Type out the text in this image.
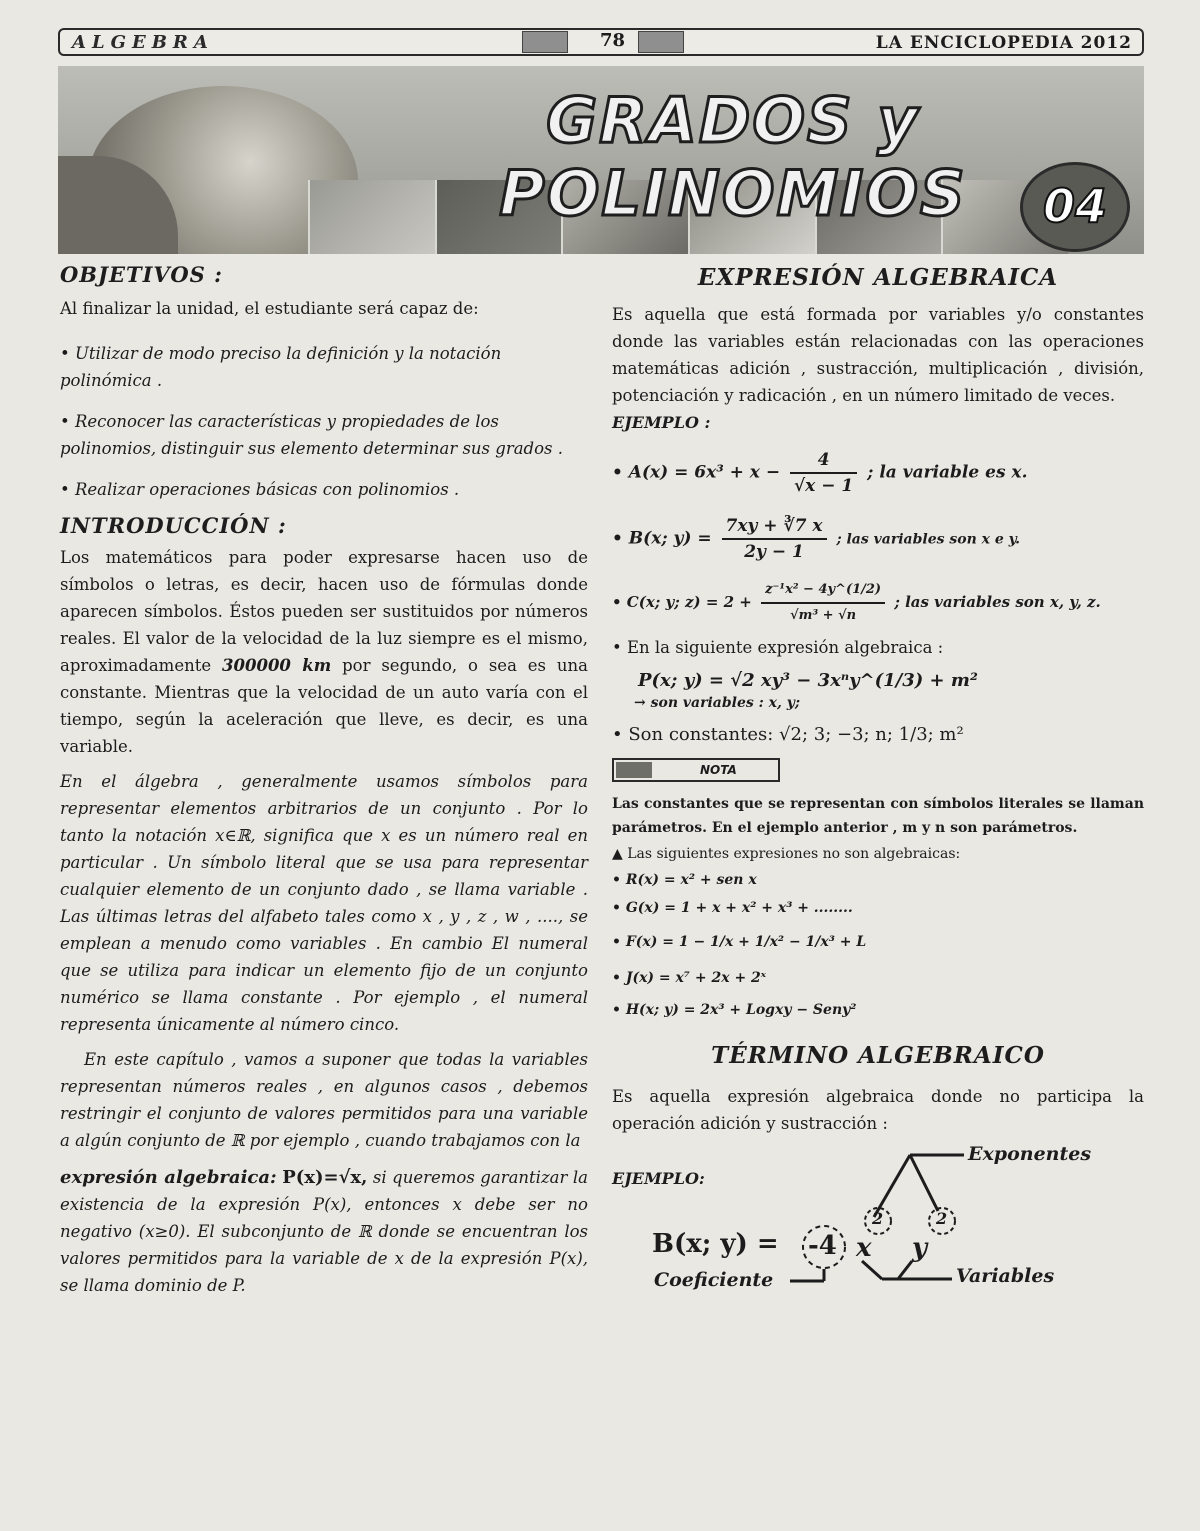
ALGEBRA	78	LA ENCICLOPEDIA 2012
GRADOS y POLINOMIOS	04
OBJETIVOS :

Al finalizar la unidad, el estudiante será capaz de:

• Utilizar de modo preciso la definición y la notación polinómica .

• Reconocer las características y propiedades de los polinomios, distinguir sus elemento determinar sus grados .

• Realizar operaciones básicas con polinomios .

INTRODUCCIÓN :

Los matemáticos para poder expresarse hacen uso de símbolos o letras, es decir, hacen uso de fórmulas donde aparecen símbolos. Éstos pueden ser sustituidos por números reales. El valor de la velocidad de la luz siempre es el mismo, aproximadamente 300000 km por segundo, o sea es una constante. Mientras que la velocidad de un auto varía con el tiempo, según la aceleración que lleve, es decir, es una variable.

En el álgebra , generalmente usamos símbolos para representar elementos arbitrarios de un conjunto . Por lo tanto la notación x∈ℝ, significa que x es un número real en particular . Un símbolo literal que se usa para representar cualquier elemento de un conjunto dado , se llama variable . Las últimas letras del alfabeto tales como x , y , z , w , ...., se emplean a menudo como variables . En cambio El numeral que se utiliza para indicar un elemento fijo de un conjunto numérico se llama constante . Por ejemplo , el numeral representa únicamente al número cinco.

En este capítulo , vamos a suponer que todas la variables representan números reales , en algunos casos , debemos restringir el conjunto de valores permitidos para una variable a algún conjunto de ℝ por ejemplo , cuando trabajamos con la

expresión algebraica: P(x)=√x, si queremos garantizar la existencia de la expresión P(x), entonces x debe ser no negativo (x≥0). El subconjunto de ℝ donde se encuentran los valores permitidos para la variable de x de la expresión P(x), se llama dominio de P.

EXPRESIÓN ALGEBRAICA

Es aquella que está formada por variables y/o constantes donde las variables están relacionadas con las operaciones matemáticas adición , sustracción, multiplicación , división, potenciación y radicación , en un número limitado de veces.

EJEMPLO :

• $A(x) = 6x^3 + x - \frac{4}{√x - 1}$ ; la variable es x.
• B(x; $y) = \frac{7xy + ∛7 x}{2y - 1}$ ; las variables son x e y.
• C(x; y; $z) = 2 + \frac{\text{z⁻¹x² − 4y\textasciicircum{}(1/2)}}{\text{√m³ + √n}}$ ; las variables son x, y, z.

• En la siguiente expresión algebraica :

P(x; y) = √2 xy³ − 3xⁿy^(1/3) + m²

→ son variables : x, y;

• Son constantes: √2; 3; −3; n; 1/3; m²

NOTA

Las constantes que se representan con símbolos literales se llaman parámetros. En el ejemplo anterior , m y n son parámetros.

▲ Las siguientes expresiones no son algebraicas:

• R(x) = x² + sen x

• G(x) = 1 + x + x² + x³ + ........

• F(x) = 1 − 1/x + 1/x² − 1/x³ + L

• J(x) = x⁷ + 2x + 2ˣ

• H(x; y) = 2x³ + Logxy − Seny²

TÉRMINO ALGEBRAICO

Es aquella expresión algebraica donde no participa la operación adición y sustracción :

EJEMPLO:
B(x; y) = -4 x
2
y
2
Exponentes
Coeficiente	Variables
